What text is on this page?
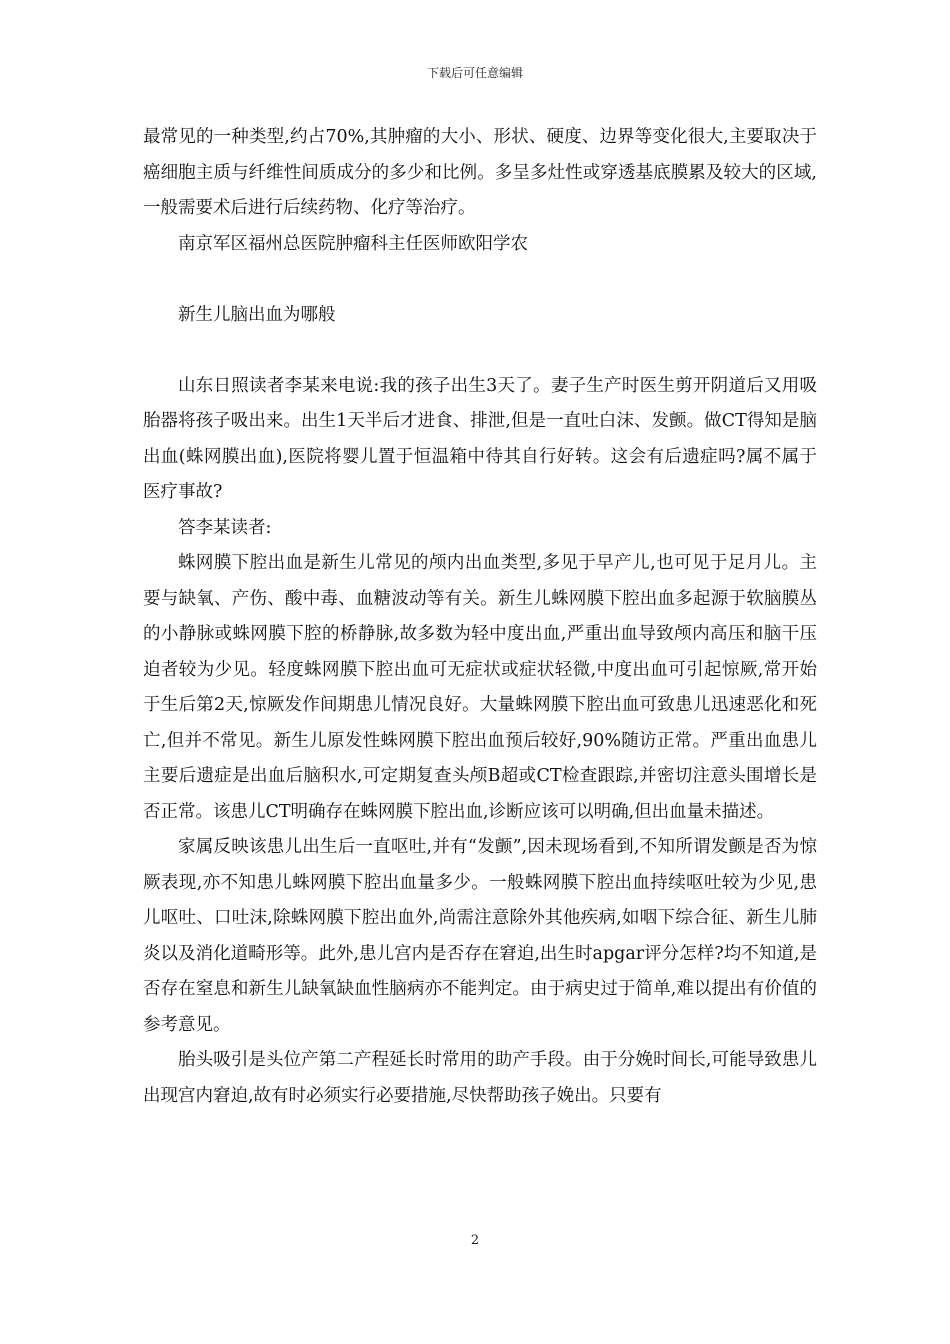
下载后可任意编辑

最常见的一种类型,约占70%,其肿瘤的大小、形状、硬度、边界等变化很大,主要取决于癌细胞主质与纤维性间质成分的多少和比例。多呈多灶性或穿透基底膜累及较大的区域,一般需要术后进行后续药物、化疗等治疗。

南京军区福州总医院肿瘤科主任医师欧阳学农

新生儿脑出血为哪般

山东日照读者李某来电说:我的孩子出生3天了。妻子生产时医生剪开阴道后又用吸胎器将孩子吸出来。出生1天半后才进食、排泄,但是一直吐白沫、发颤。做CT得知是脑出血(蛛网膜出血),医院将婴儿置于恒温箱中待其自行好转。这会有后遗症吗?属不属于医疗事故?

答李某读者:

蛛网膜下腔出血是新生儿常见的颅内出血类型,多见于早产儿,也可见于足月儿。主要与缺氧、产伤、酸中毒、血糖波动等有关。新生儿蛛网膜下腔出血多起源于软脑膜丛的小静脉或蛛网膜下腔的桥静脉,故多数为轻中度出血,严重出血导致颅内高压和脑干压迫者较为少见。轻度蛛网膜下腔出血可无症状或症状轻微,中度出血可引起惊厥,常开始于生后第2天,惊厥发作间期患儿情况良好。大量蛛网膜下腔出血可致患儿迅速恶化和死亡,但并不常见。新生儿原发性蛛网膜下腔出血预后较好,90%随访正常。严重出血患儿主要后遗症是出血后脑积水,可定期复查头颅B超或CT检查跟踪,并密切注意头围增长是否正常。该患儿CT明确存在蛛网膜下腔出血,诊断应该可以明确,但出血量未描述。

家属反映该患儿出生后一直呕吐,并有“发颤”,因未现场看到,不知所谓发颤是否为惊厥表现,亦不知患儿蛛网膜下腔出血量多少。一般蛛网膜下腔出血持续呕吐较为少见,患儿呕吐、口吐沫,除蛛网膜下腔出血外,尚需注意除外其他疾病,如咽下综合征、新生儿肺炎以及消化道畸形等。此外,患儿宫内是否存在窘迫,出生时apgar评分怎样?均不知道,是否存在窒息和新生儿缺氧缺血性脑病亦不能判定。由于病史过于简单,难以提出有价值的参考意见。

胎头吸引是头位产第二产程延长时常用的助产手段。由于分娩时间长,可能导致患儿出现宫内窘迫,故有时必须实行必要措施,尽快帮助孩子娩出。只要有

2
